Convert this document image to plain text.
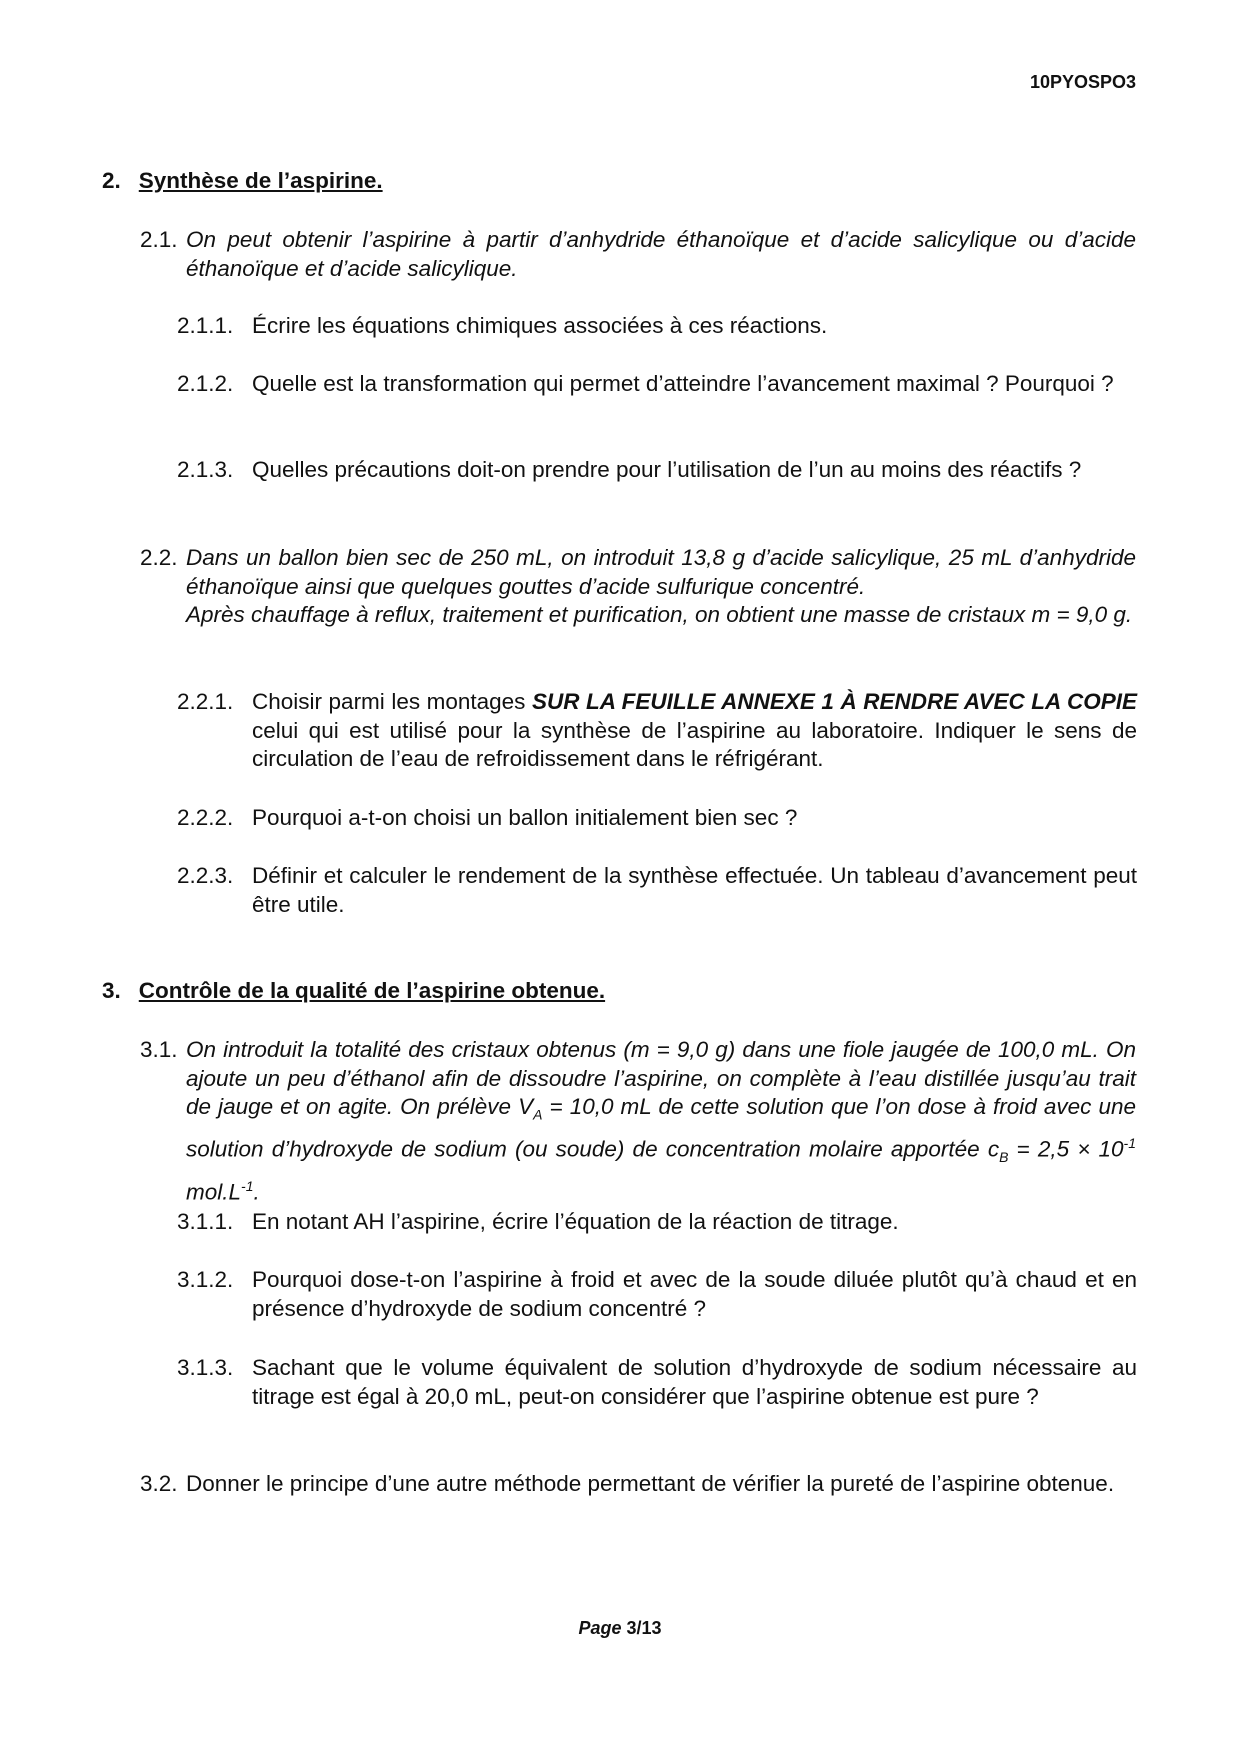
10PYOSPO3
2. Synthèse de l’aspirine.
2.1. On peut obtenir l’aspirine à partir d’anhydride éthanoïque et d’acide salicylique ou d’acide éthanoïque et d’acide salicylique.
2.1.1. Écrire les équations chimiques associées à ces réactions.
2.1.2. Quelle est la transformation qui permet d’atteindre l’avancement maximal ? Pourquoi ?
2.1.3. Quelles précautions doit-on prendre pour l’utilisation de l’un au moins des réactifs ?
2.2. Dans un ballon bien sec de 250 mL, on introduit 13,8 g d’acide salicylique, 25 mL d’anhydride éthanoïque ainsi que quelques gouttes d’acide sulfurique concentré.
Après chauffage à reflux, traitement et purification, on obtient une masse de cristaux m = 9,0 g.
2.2.1. Choisir parmi les montages SUR LA FEUILLE ANNEXE 1 À RENDRE AVEC LA COPIE celui qui est utilisé pour la synthèse de l’aspirine au laboratoire. Indiquer le sens de circulation de l’eau de refroidissement dans le réfrigérant.
2.2.2. Pourquoi a-t-on choisi un ballon initialement bien sec ?
2.2.3. Définir et calculer le rendement de la synthèse effectuée. Un tableau d’avancement peut être utile.
3. Contrôle de la qualité de l’aspirine obtenue.
3.1. On introduit la totalité des cristaux obtenus (m = 9,0 g) dans une fiole jaugée de 100,0 mL. On ajoute un peu d’éthanol afin de dissoudre l’aspirine, on complète à l’eau distillée jusqu’au trait de jauge et on agite. On prélève $V_A = 10,0$ mL de cette solution que l’on dose à froid avec une solution d’hydroxyde de sodium (ou soude) de concentration molaire apportée $c_B = 2,5 \times 10^{-1}$ $mol.L^{-1}$.
3.1.1. En notant AH l’aspirine, écrire l’équation de la réaction de titrage.
3.1.2. Pourquoi dose-t-on l’aspirine à froid et avec de la soude diluée plutôt qu’à chaud et en présence d’hydroxyde de sodium concentré ?
3.1.3. Sachant que le volume équivalent de solution d’hydroxyde de sodium nécessaire au titrage est égal à 20,0 mL, peut-on considérer que l’aspirine obtenue est pure ?
3.2. Donner le principe d’une autre méthode permettant de vérifier la pureté de l’aspirine obtenue.
Page 3/13
